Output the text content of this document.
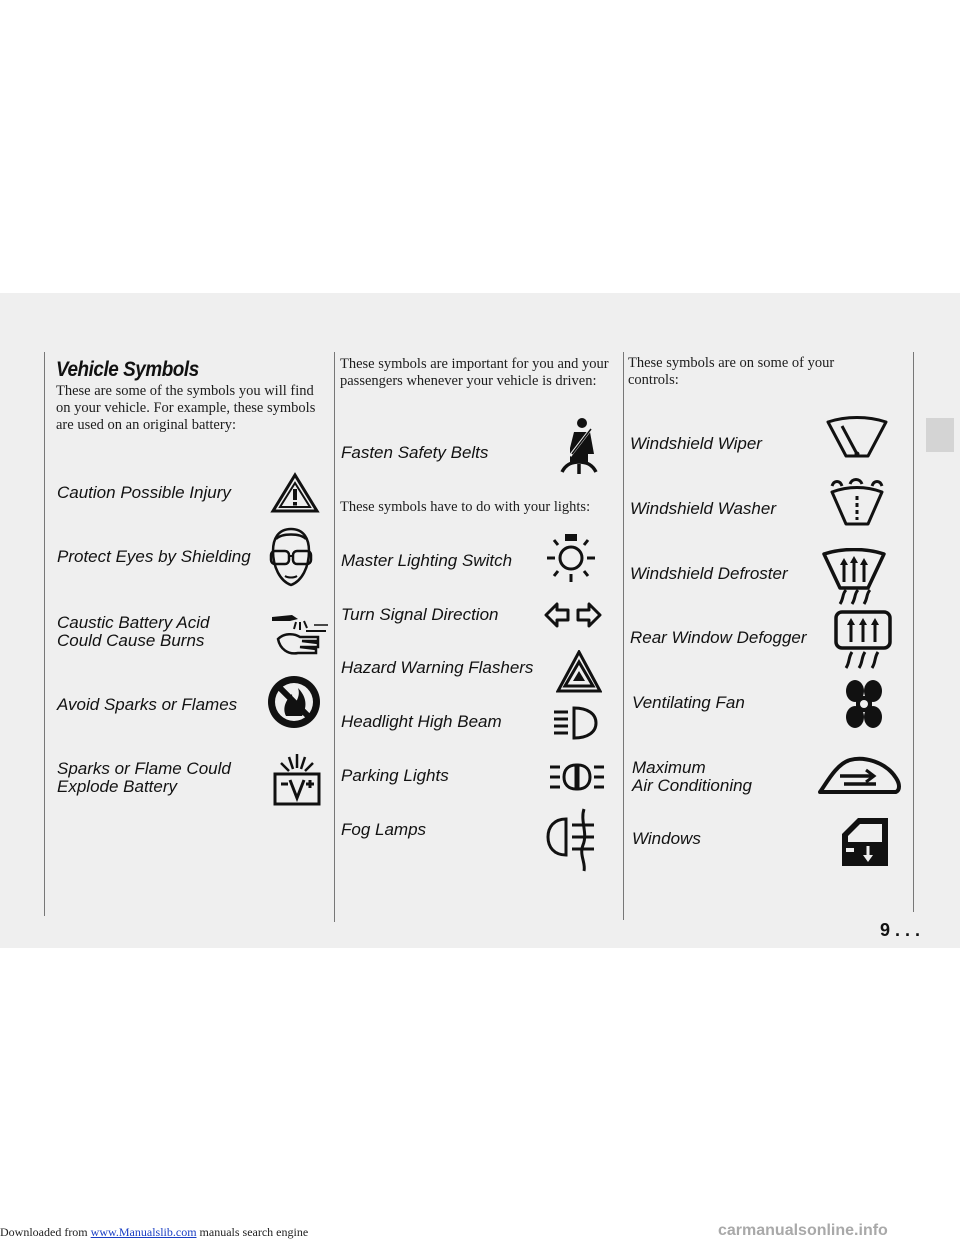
Vehicle Symbols

These are some of the symbols you will find on your vehicle. For example, these symbols are used on an original battery:

Caution Possible Injury

Protect Eyes by Shielding

Caustic Battery Acid
Could Cause Burns

Avoid Sparks or Flames

Sparks or Flame Could
Explode Battery

These symbols are important for you and your passengers whenever your vehicle is driven:

Fasten Safety Belts

These symbols have to do with your lights:

Master Lighting Switch

Turn Signal Direction

Hazard Warning Flashers

Headlight High Beam

Parking Lights

Fog Lamps

These symbols are on some of your controls:

Windshield Wiper

Windshield Washer

Windshield Defroster

Rear Window Defogger

Ventilating Fan

Maximum
Air Conditioning

Windows

9 . . .

Downloaded from www.Manualslib.com manuals search engine	carmanualsonline.info
